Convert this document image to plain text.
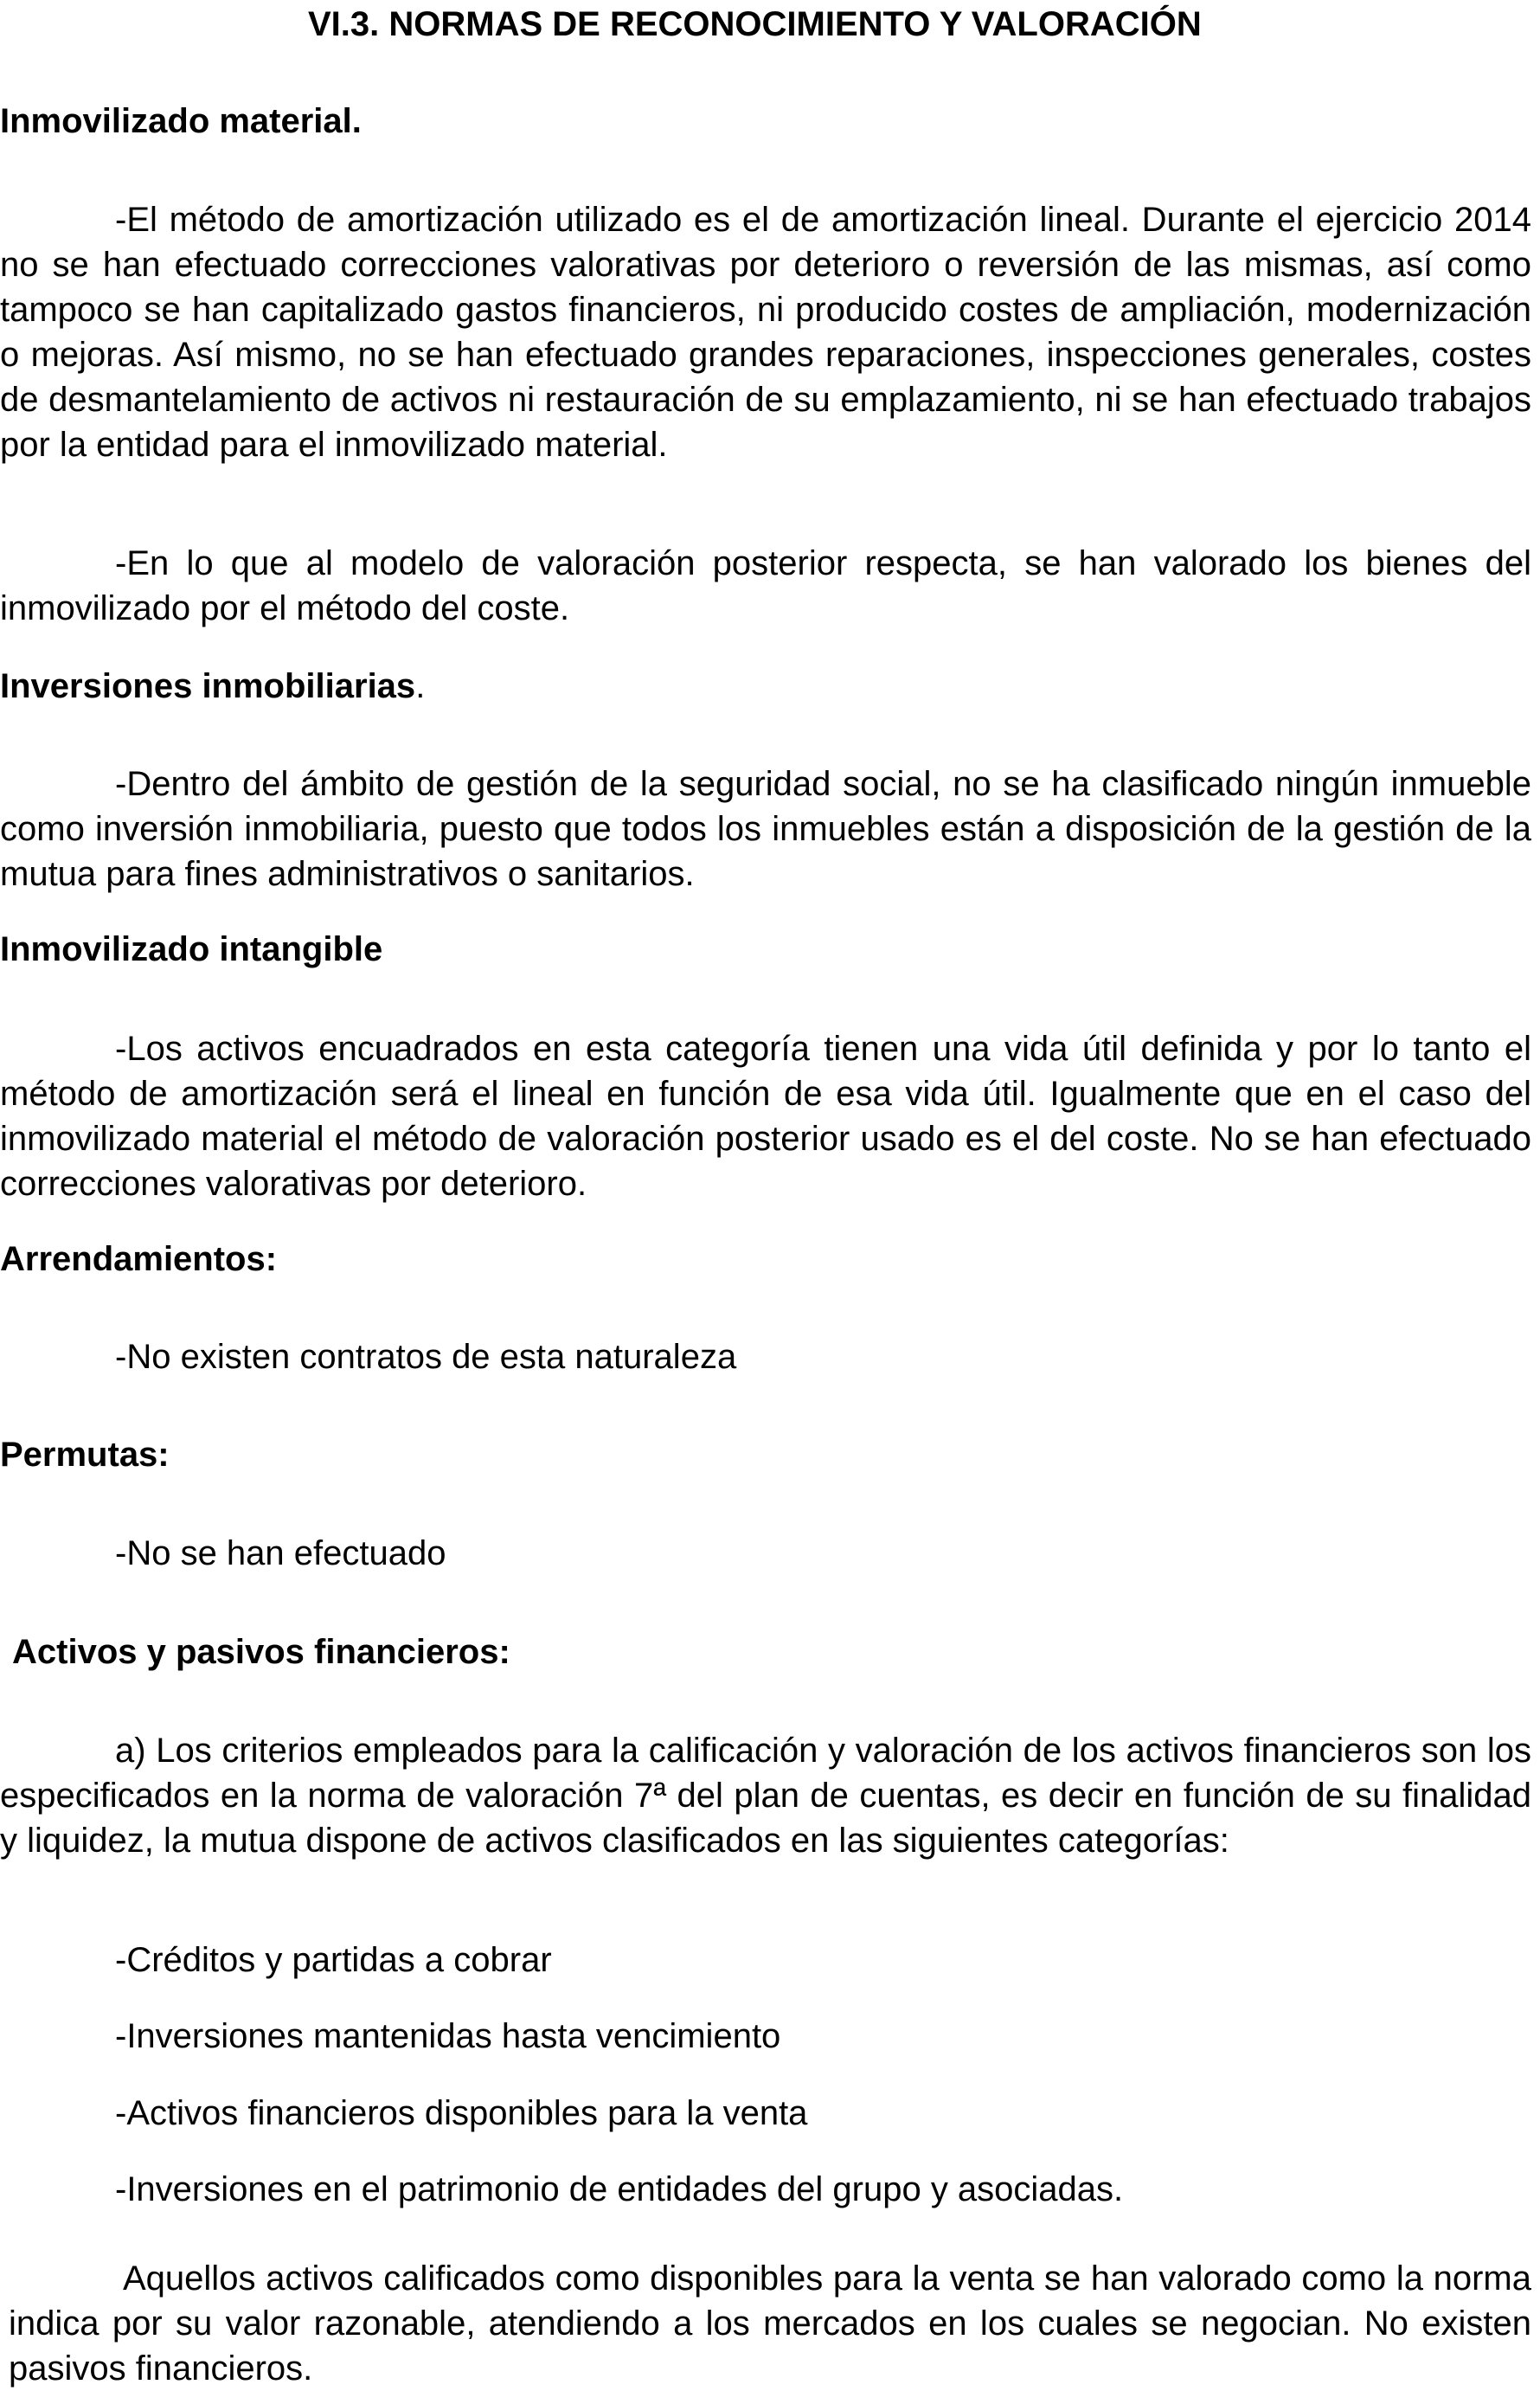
VI.3. NORMAS DE RECONOCIMIENTO Y VALORACIÓN
Inmovilizado material.

-El método de amortización utilizado es el de amortización lineal. Durante el ejercicio 2014 no se han efectuado correcciones valorativas por deterioro o reversión de las mismas, así como tampoco se han capitalizado gastos financieros, ni producido costes de ampliación, modernización o mejoras. Así mismo, no se han efectuado grandes reparaciones, inspecciones generales, costes de desmantelamiento de activos ni restauración de su emplazamiento, ni se han efectuado trabajos por la entidad para el inmovilizado material.

-En lo que al modelo de valoración posterior respecta, se han valorado los bienes del inmovilizado por el método del coste.

Inversiones inmobiliarias.

-Dentro del ámbito de gestión de la seguridad social, no se ha clasificado ningún inmueble como inversión inmobiliaria, puesto que todos los inmuebles están a disposición de la gestión de la mutua para fines administrativos o sanitarios.

Inmovilizado intangible

-Los activos encuadrados en esta categoría tienen una vida útil definida y por lo tanto el método de amortización será el lineal en función de esa vida útil. Igualmente que en el caso del inmovilizado material el método de valoración posterior usado es el del coste. No se han efectuado correcciones valorativas por deterioro.

Arrendamientos:
-No existen contratos de esta naturaleza
Permutas:
-No se han efectuado
Activos y pasivos financieros:

a) Los criterios empleados para la calificación y valoración de los activos financieros son los especificados en la norma de valoración 7ª del plan de cuentas, es decir en función de su finalidad y liquidez, la mutua dispone de activos clasificados en las siguientes categorías:

-Créditos y partidas a cobrar
-Inversiones mantenidas hasta vencimiento
-Activos financieros disponibles para la venta
-Inversiones en el patrimonio de entidades del grupo y asociadas.

Aquellos activos calificados como disponibles para la venta se han valorado como la norma indica por su valor razonable, atendiendo a los mercados en los cuales se negocian. No existen pasivos financieros.
